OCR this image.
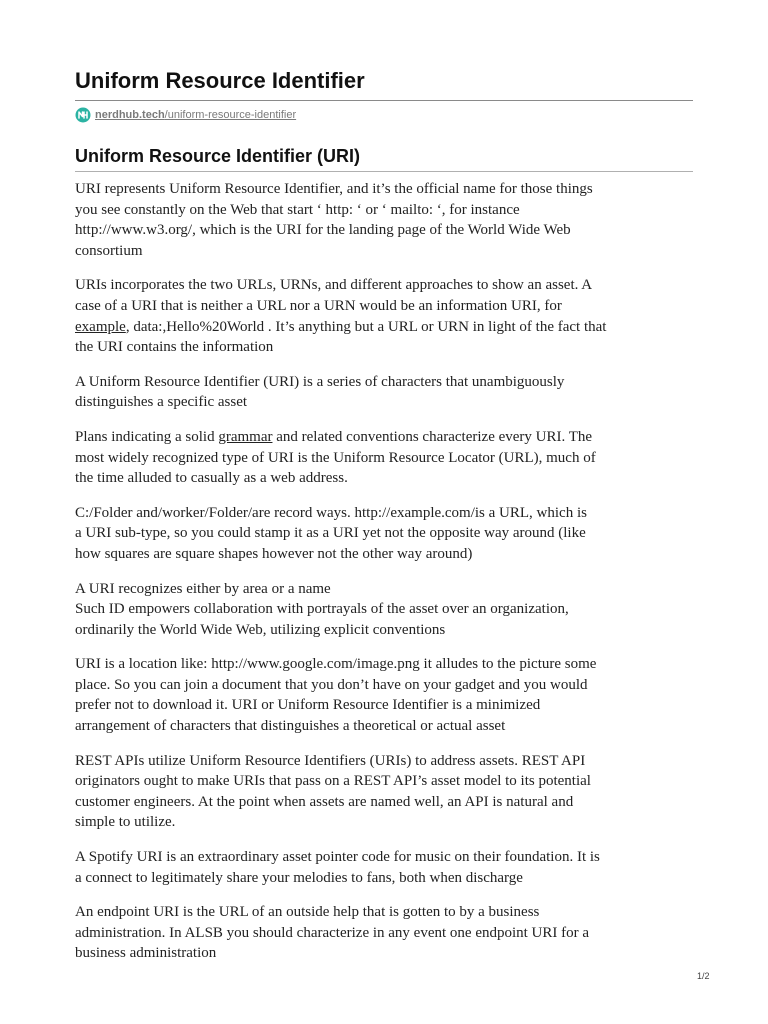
Uniform Resource Identifier
nerdhub.tech /uniform-resource-identifier
Uniform Resource Identifier (URI)

URI represents Uniform Resource Identifier, and it’s the official name for those things
you see constantly on the Web that start ‘ http: ‘ or ‘ mailto: ‘, for instance
http://www.w3.org/, which is the URI for the landing page of the World Wide Web
consortium

URIs incorporates the two URLs, URNs, and different approaches to show an asset. A
case of a URI that is neither a URL nor a URN would be an information URI, for
example, data:,Hello%20World . It’s anything but a URL or URN in light of the fact that
the URI contains the information

A Uniform Resource Identifier (URI) is a series of characters that unambiguously
distinguishes a specific asset

Plans indicating a solid grammar and related conventions characterize every URI. The
most widely recognized type of URI is the Uniform Resource Locator (URL), much of
the time alluded to casually as a web address.

C:/Folder and/worker/Folder/are record ways. http://example.com/is a URL, which is
a URI sub-type, so you could stamp it as a URI yet not the opposite way around (like
how squares are square shapes however not the other way around)

A URI recognizes either by area or a name
Such ID empowers collaboration with portrayals of the asset over an organization,
ordinarily the World Wide Web, utilizing explicit conventions

URI is a location like: http://www.google.com/image.png it alludes to the picture some
place. So you can join a document that you don’t have on your gadget and you would
prefer not to download it. URI or Uniform Resource Identifier is a minimized
arrangement of characters that distinguishes a theoretical or actual asset

REST APIs utilize Uniform Resource Identifiers (URIs) to address assets. REST API
originators ought to make URIs that pass on a REST API’s asset model to its potential
customer engineers. At the point when assets are named well, an API is natural and
simple to utilize.

A Spotify URI is an extraordinary asset pointer code for music on their foundation. It is
a connect to legitimately share your melodies to fans, both when discharge

An endpoint URI is the URL of an outside help that is gotten to by a business
administration. In ALSB you should characterize in any event one endpoint URI for a
business administration

1/2
